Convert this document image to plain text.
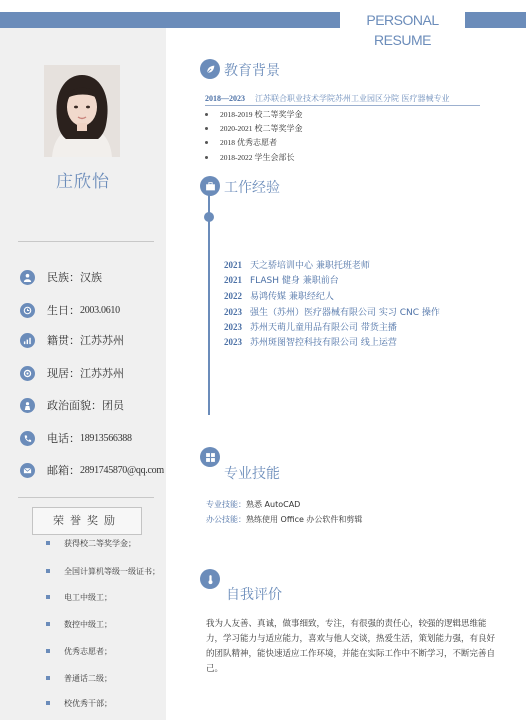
PERSONAL RESUME
庄欣怡
民族： 汉族
生日： 2003.0610
籍贯： 江苏苏州
现居： 江苏苏州
政治面貌： 团员
电话： 18913566388
邮箱： 2891745870@qq.com
荣誉奖励
获得校二等奖学金；
全国计算机等级一级证书；
电工中级工；
数控中级工；
优秀志愿者；
普通话二级；
校优秀干部；
教育背景
2018—2023 江苏联合职业技术学院苏州工业园区分院 医疗器械专业
2018-2019 校二等奖学金
2020-2021 校二等奖学金
2018 优秀志愿者
2018-2022 学生会部长
工作经验
2021 天之骄培训中心 兼职托班老师
2021 FLASH 健身 兼职前台
2022 易鸿传媒 兼职经纪人
2023 强生（苏州）医疗器械有限公司 实习 CNC 操作
2023 苏州天萌儿童用品有限公司 带货主播
2023 苏州斑图智控科技有限公司 线上运营
专业技能
专业技能： 熟悉 AutoCAD
办公技能： 熟练使用 Office 办公软件和剪辑
自我评价
我为人友善、真诚，做事细致，专注，有很强的责任心，较强的逻辑思维能力，学习能力与适应能力，喜欢与他人交谈，热爱生活，策划能力强，有良好的团队精神，能快速适应工作环境，并能在实际工作中不断学习，不断完善自己。
